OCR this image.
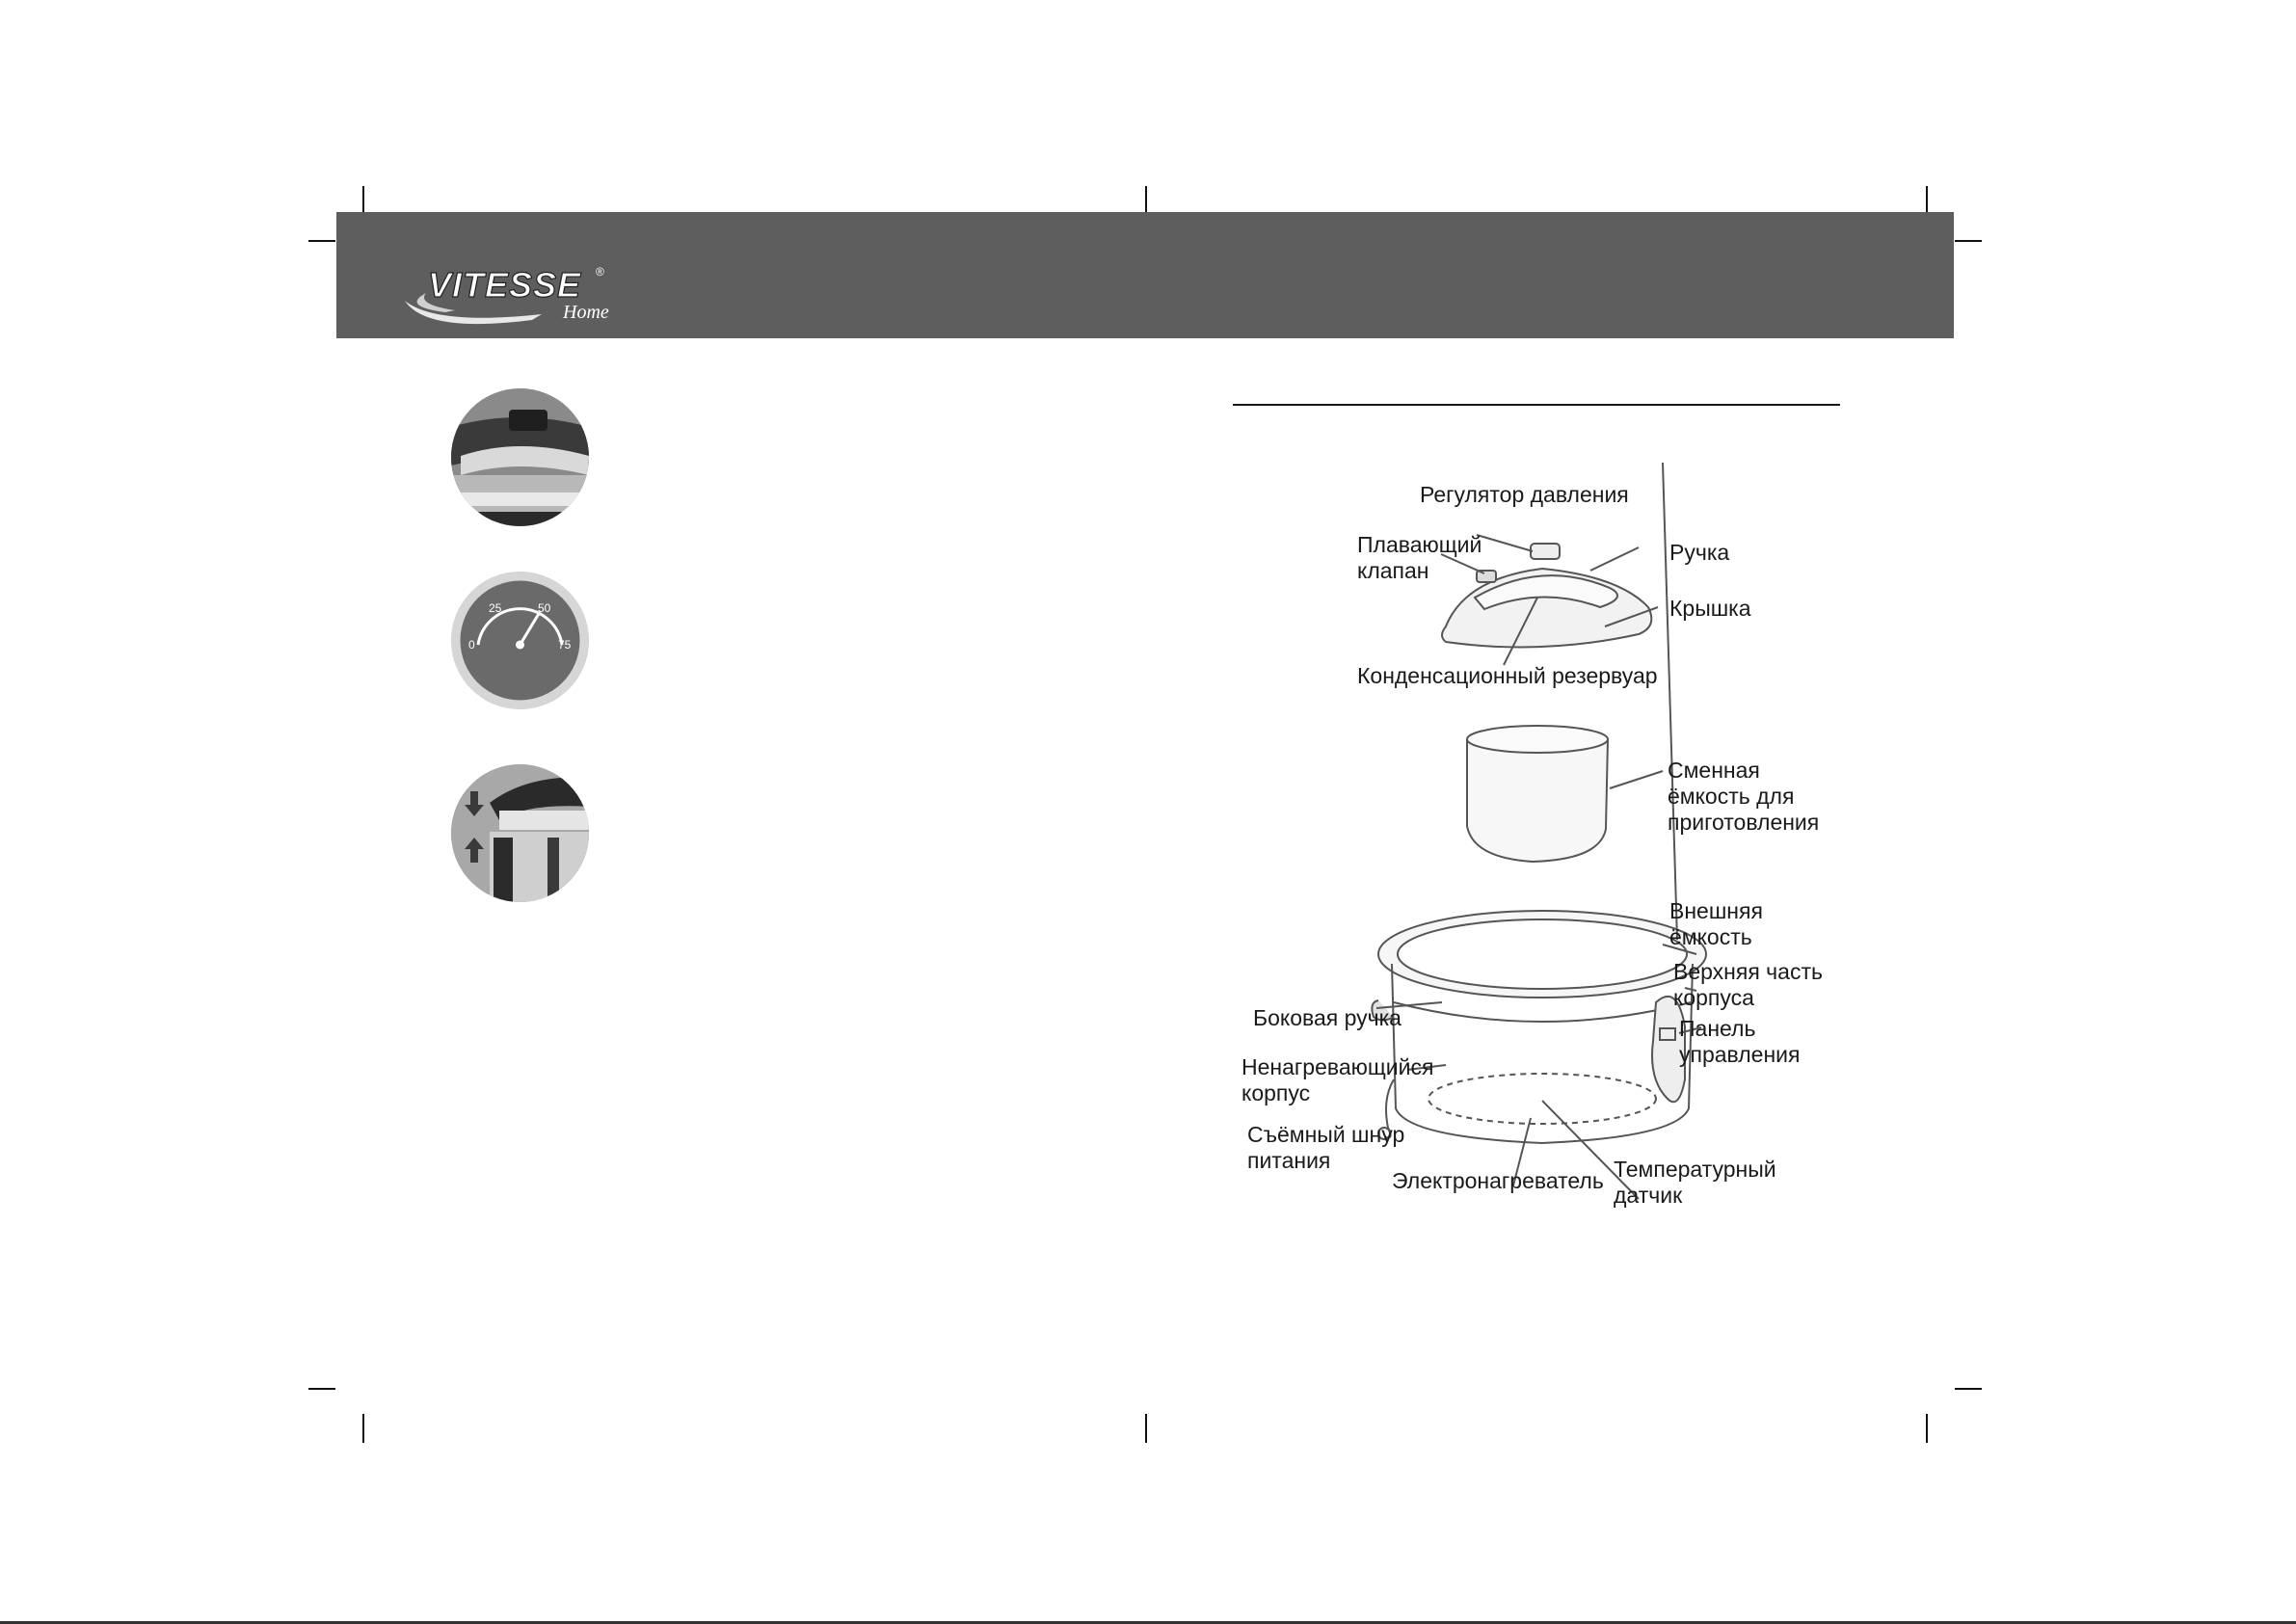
VITESSE ®
Home
0
25	50
75
Регулятор давления
Плавающий
клапан
Ручка
Крышка
Конденсационный резервуар
Сменная
ёмкость для
приготовления
Внешняя
ёмкость
Верхняя часть
корпуса
Панель
управления
Боковая ручка
Ненагревающийся
корпус
Съёмный шнур
питания
Электронагреватель Температурный
датчик
